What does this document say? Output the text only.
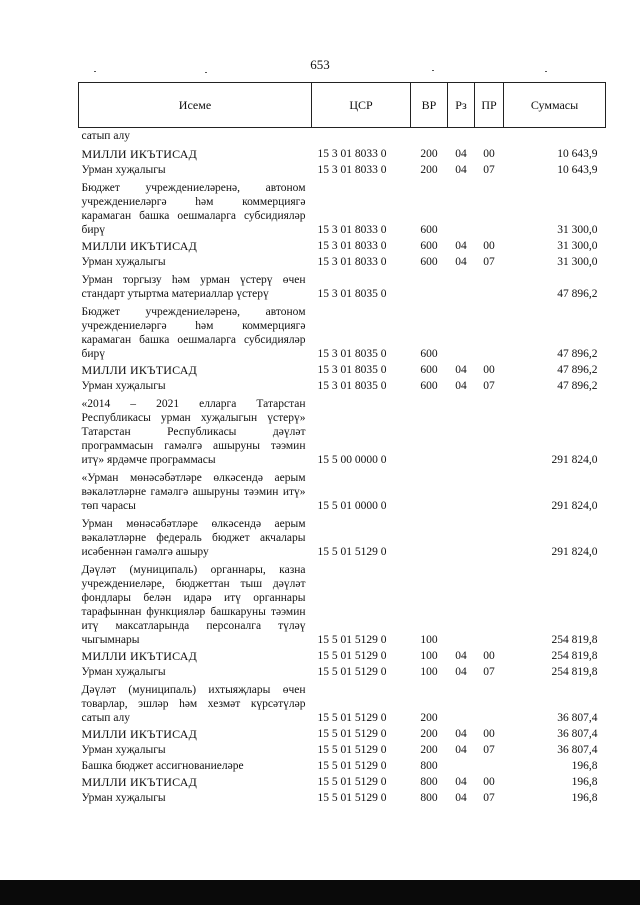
653
Исеме	ЦСР	ВР	Рз	ПР	Суммасы
сатып алу					
МИЛЛИ ИКЪТИСАД	15 3 01 8033 0	200	04	00	10 643,9
Урман хуҗалыгы	15 3 01 8033 0	200	04	07	10 643,9
Бюджет учреждениеләренә, автоном учреждениеләргә һәм коммерциягә карамаган башка оешмаларга субсидияләр бирү	15 3 01 8033 0	600			31 300,0
МИЛЛИ ИКЪТИСАД	15 3 01 8033 0	600	04	00	31 300,0
Урман хуҗалыгы	15 3 01 8033 0	600	04	07	31 300,0
Урман торгызу һәм урман үстерү өчен стандарт утыртма материаллар үстерү	15 3 01 8035 0				47 896,2
Бюджет учреждениеләренә, автоном учреждениеләргә һәм коммерциягә карамаган башка оешмаларга субсидияләр бирү	15 3 01 8035 0	600			47 896,2
МИЛЛИ ИКЪТИСАД	15 3 01 8035 0	600	04	00	47 896,2
Урман хуҗалыгы	15 3 01 8035 0	600	04	07	47 896,2
«2014 – 2021 елларга Татарстан Республикасы урман хуҗалыгын үстерү» Татарстан Республикасы дәүләт программасын гамәлгә ашыруны тәэмин итү» ярдәмче программасы	15 5 00 0000 0				291 824,0
«Урман мөнәсәбәтләре өлкәсендә аерым вәкаләтләрне гамәлгә ашыруны тәэмин итү» төп чарасы	15 5 01 0000 0				291 824,0
Урман мөнәсәбәтләре өлкәсендә аерым вәкаләтләрне федераль бюджет акчалары исәбеннән гамәлгә ашыру	15 5 01 5129 0				291 824,0
Дәүләт (муниципаль) органнары, казна учреждениеләре, бюджеттан тыш дәүләт фондлары белән идарә итү органнары тарафыннан функцияләр башкаруны тәэмин итү максатларында персоналга түләү чыгымнары	15 5 01 5129 0	100			254 819,8
МИЛЛИ ИКЪТИСАД	15 5 01 5129 0	100	04	00	254 819,8
Урман хуҗалыгы	15 5 01 5129 0	100	04	07	254 819,8
Дәүләт (муниципаль) ихтыяҗлары өчен товарлар, эшләр һәм хезмәт күрсәтүләр сатып алу	15 5 01 5129 0	200			36 807,4
МИЛЛИ ИКЪТИСАД	15 5 01 5129 0	200	04	00	36 807,4
Урман хуҗалыгы	15 5 01 5129 0	200	04	07	36 807,4
Башка бюджет ассигнованиеләре	15 5 01 5129 0	800			196,8
МИЛЛИ ИКЪТИСАД	15 5 01 5129 0	800	04	00	196,8
Урман хуҗалыгы	15 5 01 5129 0	800	04	07	196,8
